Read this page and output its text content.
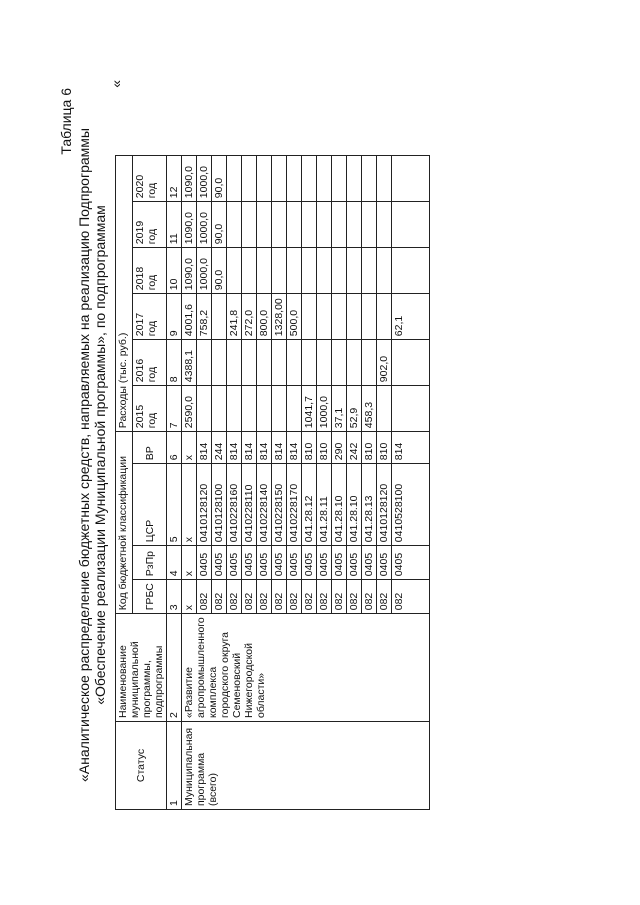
Таблица 6
«Аналитическое распределение бюджетных средств, направляемых на реализацию Подпрограммы «Обеспечение реализации Муниципальной программы», по подпрограммам
«
Статус	Наименование муниципальной программы, подпрограммы	Код бюджетной классификации				Расходы (тыс. руб.)					
		ГРБС	РзПр	ЦСР	ВР	2015 год	2016 год	2017 год	2018 год	2019 год	2020 год
1	2	3	4	5	6	7	8	9	10	11	12
Муниципальная программа (всего)	«Развитие агропромышленного комплекса городского округа Семеновский Нижегородской области»	x	x	x	x	2590,0	4388,1	4001,6	1090,0	1090,0	1090,0
		082	0405	0410128120	814			758,2	1000,0	1000,0	1000,0
		082	0405	0410128100	244				90,0	90,0	90,0
		082	0405	0410228160	814			241,8			
		082	0405	0410228110	814			272,0			
		082	0405	0410228140	814			800,0			
		082	0405	0410228150	814			1328,00			
		082	0405	0410228170	814			500,0			
		082	0405	041.28.12	810	1041,7					
		082	0405	041.28.11	810	1000,0					
		082	0405	041.28.10	290	37,1					
		082	0405	041.28.10	242	52,9					
		082	0405	041.28.13	810	458,3					
		082	0405	0410128120	810		902,0				
		082	0405	0410528100	814			62,1			
